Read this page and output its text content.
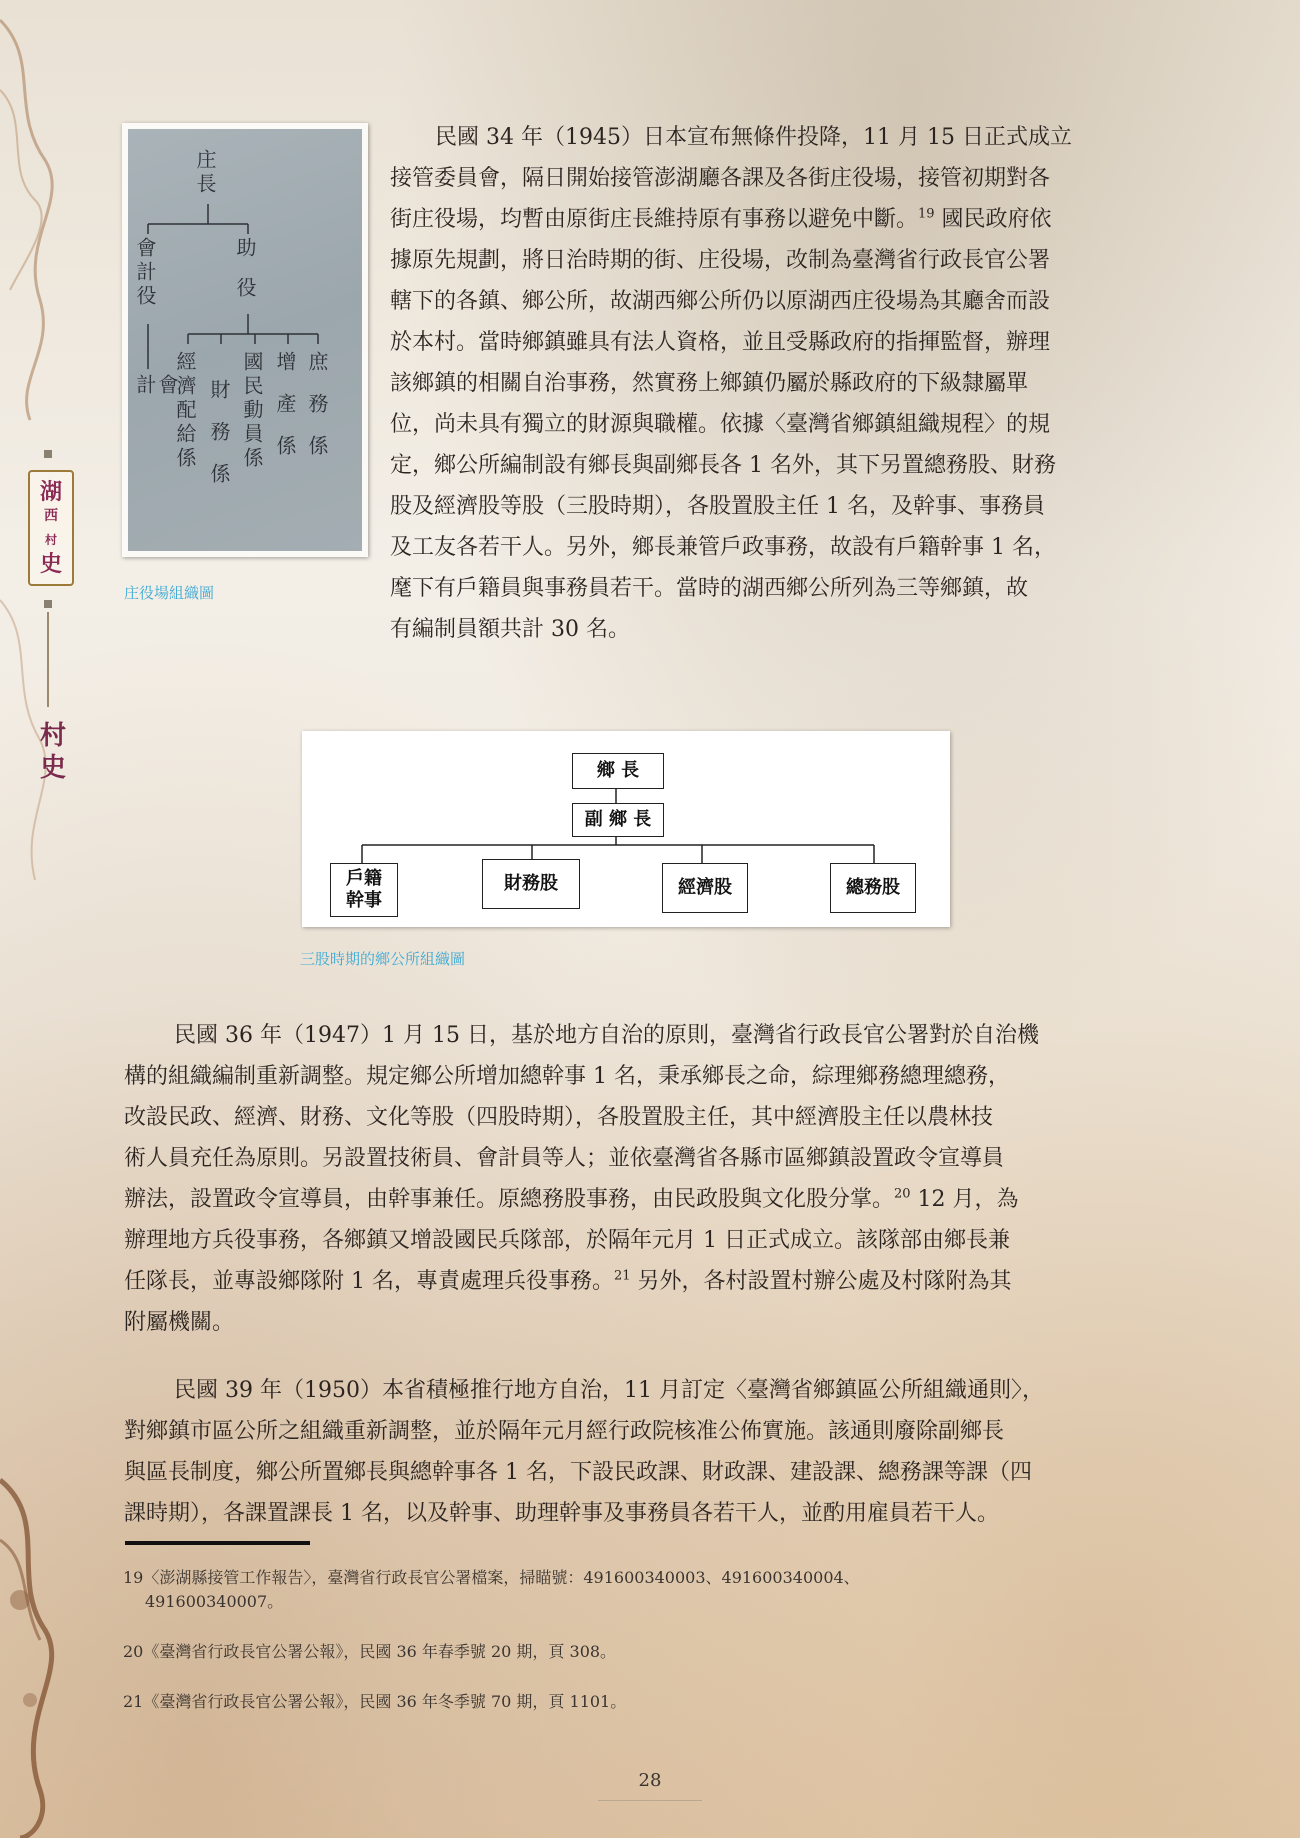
湖
西
村
史
村史
庄長
會計役	助役
會計	庶務係
增產係
國民動員係
財務係
經濟配給係
庄役場組織圖
民國 34 年（1945）日本宣布無條件投降，11 月 15 日正式成立
接管委員會，隔日開始接管澎湖廳各課及各街庄役場，接管初期對各
街庄役場，均暫由原街庄長維持原有事務以避免中斷。$^{19}$ 國民政府依
據原先規劃，將日治時期的街、庄役場，改制為臺灣省行政長官公署
轄下的各鎮、鄉公所，故湖西鄉公所仍以原湖西庄役場為其廳舍而設
於本村。當時鄉鎮雖具有法人資格，並且受縣政府的指揮監督，辦理
該鄉鎮的相關自治事務，然實務上鄉鎮仍屬於縣政府的下級隸屬單
位，尚未具有獨立的財源與職權。依據〈臺灣省鄉鎮組織規程〉的規
定，鄉公所編制設有鄉長與副鄉長各 1 名外，其下另置總務股、財務
股及經濟股等股（三股時期），各股置股主任 1 名，及幹事、事務員
及工友各若干人。另外，鄉長兼管戶政事務，故設有戶籍幹事 1 名，
麾下有戶籍員與事務員若干。當時的湖西鄉公所列為三等鄉鎮，故
有編制員額共計 30 名。
鄉 長
副 鄉 長
戶籍
幹事
財務股	經濟股	總務股
三股時期的鄉公所組織圖
民國 36 年（1947）1 月 15 日，基於地方自治的原則，臺灣省行政長官公署對於自治機
構的組織編制重新調整。規定鄉公所增加總幹事 1 名，秉承鄉長之命，綜理鄉務總理總務，
改設民政、經濟、財務、文化等股（四股時期），各股置股主任，其中經濟股主任以農林技
術人員充任為原則。另設置技術員、會計員等人；並依臺灣省各縣市區鄉鎮設置政令宣導員
辦法，設置政令宣導員，由幹事兼任。原總務股事務，由民政股與文化股分掌。$^{20}$ 12 月，為
辦理地方兵役事務，各鄉鎮又增設國民兵隊部，於隔年元月 1 日正式成立。該隊部由鄉長兼
任隊長，並專設鄉隊附 1 名，專責處理兵役事務。$^{21}$ 另外，各村設置村辦公處及村隊附為其
附屬機關。
民國 39 年（1950）本省積極推行地方自治，11 月訂定〈臺灣省鄉鎮區公所組織通則〉，
對鄉鎮市區公所之組織重新調整，並於隔年元月經行政院核准公佈實施。該通則廢除副鄉長
與區長制度，鄉公所置鄉長與總幹事各 1 名，下設民政課、財政課、建設課、總務課等課（四
課時期），各課置課長 1 名，以及幹事、助理幹事及事務員各若干人，並酌用雇員若干人。

19〈澎湖縣接管工作報告〉，臺灣省行政長官公署檔案，掃瞄號：491600340003、491600340004、

491600340007。

20《臺灣省行政長官公署公報》，民國 36 年春季號 20 期，頁 308。

21《臺灣省行政長官公署公報》，民國 36 年冬季號 70 期，頁 1101。

28
